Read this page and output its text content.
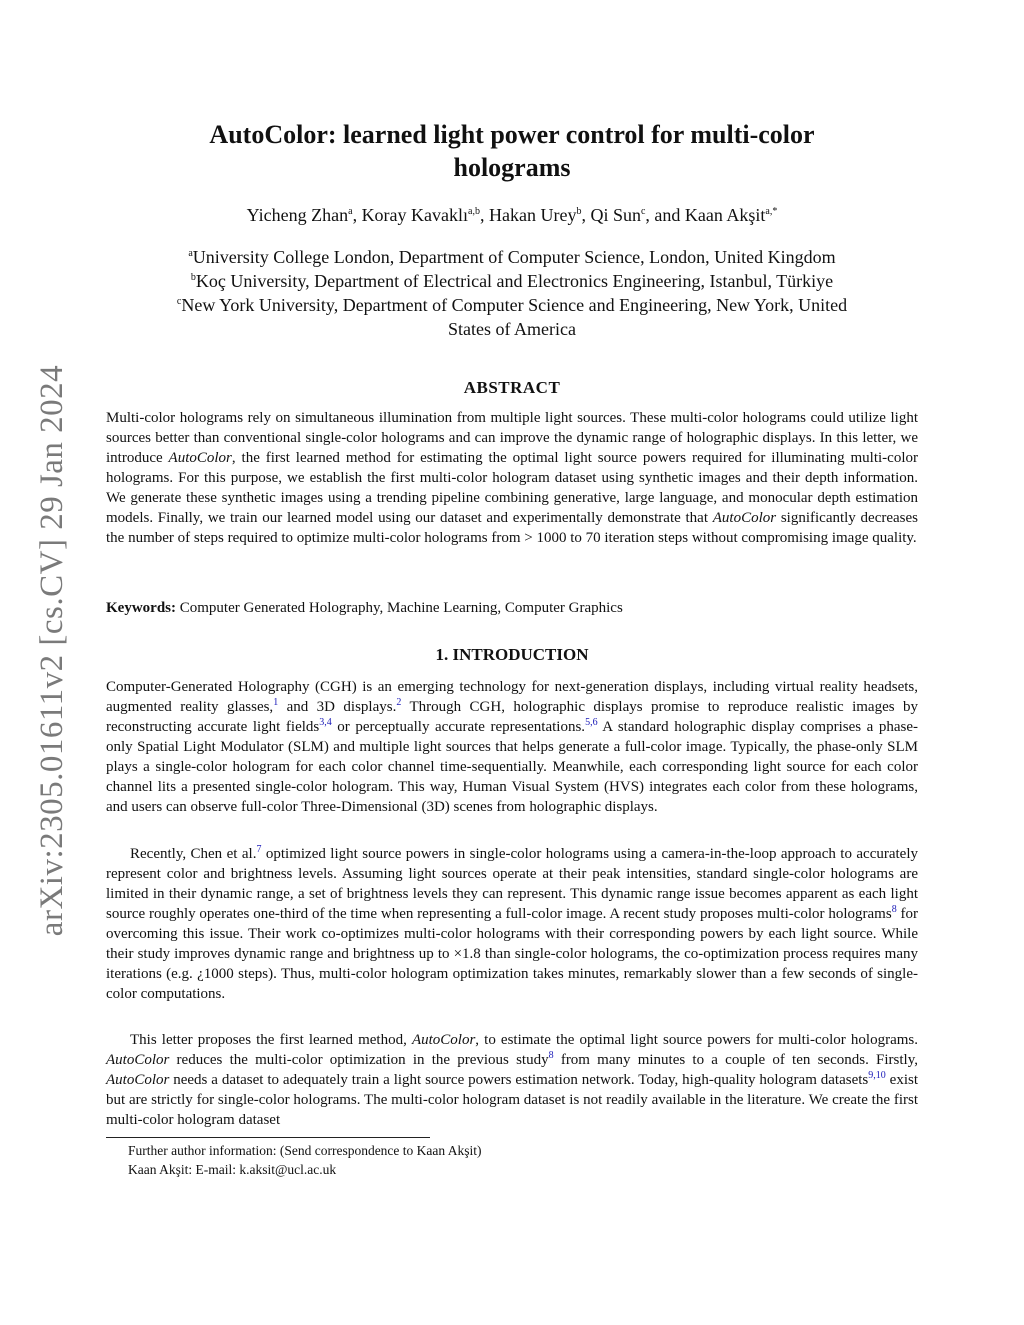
arXiv:2305.01611v2 [cs.CV] 29 Jan 2024
AutoColor: learned light power control for multi-color
holograms
Yicheng Zhan$^a$, Koray Kavaklı$^{a,b}$, Hakan Urey$^b$, Qi Sun$^c$, and Kaan Akşit$^{a,*}$
$^a$University College London, Department of Computer Science, London, United Kingdom
$^b$Koç University, Department of Electrical and Electronics Engineering, Istanbul, Türkiye
$^c$New York University, Department of Computer Science and Engineering, New York, United
States of America
ABSTRACT
Multi-color holograms rely on simultaneous illumination from multiple light sources. These multi-color holograms could utilize light sources better than conventional single-color holograms and can improve the dynamic range of holographic displays. In this letter, we introduce AutoColor, the first learned method for estimating the optimal light source powers required for illuminating multi-color holograms. For this purpose, we establish the first multi-color hologram dataset using synthetic images and their depth information. We generate these synthetic images using a trending pipeline combining generative, large language, and monocular depth estimation models. Finally, we train our learned model using our dataset and experimentally demonstrate that AutoColor significantly decreases the number of steps required to optimize multi-color holograms from > 1000 to 70 iteration steps without compromising image quality.
Keywords: Computer Generated Holography, Machine Learning, Computer Graphics
1. INTRODUCTION
Computer-Generated Holography (CGH) is an emerging technology for next-generation displays, including virtual reality headsets, augmented reality glasses,$^1$ and 3D displays.$^2$ Through CGH, holographic displays promise to reproduce realistic images by reconstructing accurate light fields$^{3,4}$ or perceptually accurate representations.$^{5,6}$ A standard holographic display comprises a phase-only Spatial Light Modulator (SLM) and multiple light sources that helps generate a full-color image. Typically, the phase-only SLM plays a single-color hologram for each color channel time-sequentially. Meanwhile, each corresponding light source for each color channel lits a presented single-color hologram. This way, Human Visual System (HVS) integrates each color from these holograms, and users can observe full-color Three-Dimensional (3D) scenes from holographic displays.
Recently, Chen et al.$^7$ optimized light source powers in single-color holograms using a camera-in-the-loop approach to accurately represent color and brightness levels. Assuming light sources operate at their peak intensities, standard single-color holograms are limited in their dynamic range, a set of brightness levels they can represent. This dynamic range issue becomes apparent as each light source roughly operates one-third of the time when representing a full-color image. A recent study proposes multi-color holograms$^8$ for overcoming this issue. Their work co-optimizes multi-color holograms with their corresponding powers by each light source. While their study improves dynamic range and brightness up to ×1.8 than single-color holograms, the co-optimization process requires many iterations (e.g. ¿1000 steps). Thus, multi-color hologram optimization takes minutes, remarkably slower than a few seconds of single-color computations.
This letter proposes the first learned method, AutoColor, to estimate the optimal light source powers for multi-color holograms. AutoColor reduces the multi-color optimization in the previous study$^8$ from many minutes to a couple of ten seconds. Firstly, AutoColor needs a dataset to adequately train a light source powers estimation network. Today, high-quality hologram datasets$^{9,10}$ exist but are strictly for single-color holograms. The multi-color hologram dataset is not readily available in the literature. We create the first multi-color hologram dataset
Further author information: (Send correspondence to Kaan Akşit)
Kaan Akşit: E-mail: k.aksit@ucl.ac.uk
